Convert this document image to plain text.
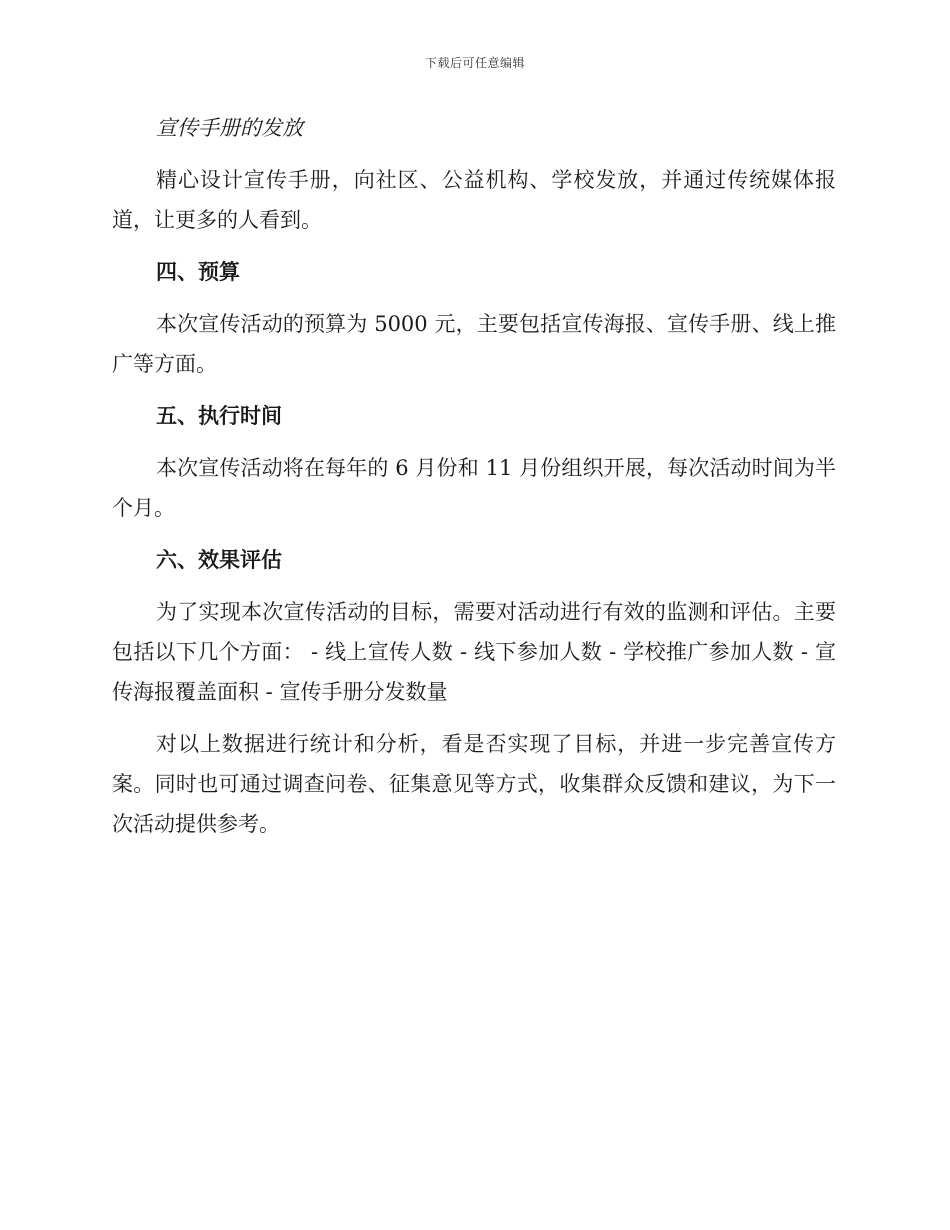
下载后可任意编辑

宣传手册的发放

精心设计宣传手册，向社区、公益机构、学校发放，并通过传统媒体报道，让更多的人看到。

四、预算

本次宣传活动的预算为 5000 元，主要包括宣传海报、宣传手册、线上推广等方面。

五、执行时间

本次宣传活动将在每年的 6 月份和 11 月份组织开展，每次活动时间为半个月。

六、效果评估

为了实现本次宣传活动的目标，需要对活动进行有效的监测和评估。主要包括以下几个方面： - 线上宣传人数 - 线下参加人数 - 学校推广参加人数 - 宣传海报覆盖面积 - 宣传手册分发数量

对以上数据进行统计和分析，看是否实现了目标，并进一步完善宣传方案。同时也可通过调查问卷、征集意见等方式，收集群众反馈和建议，为下一次活动提供参考。
